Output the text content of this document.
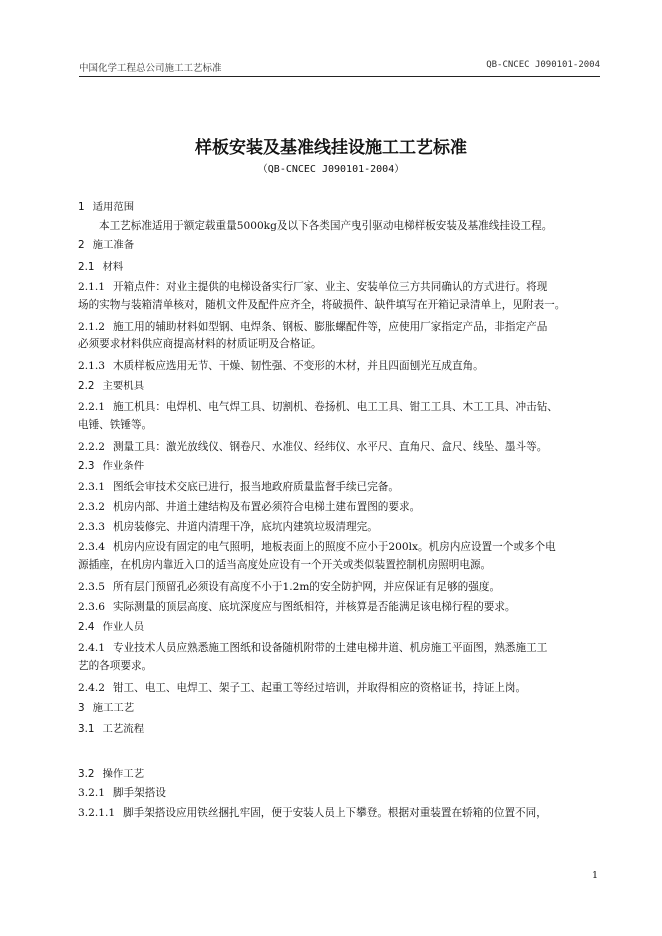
中国化学工程总公司施工工艺标准	QB-CNCEC J090101-2004
样板安装及基准线挂设施工工艺标准
（QB-CNCEC J090101-2004）
1 适用范围
本工艺标准适用于额定载重量5000kg及以下各类国产曳引驱动电梯样板安装及基准线挂设工程。
2 施工准备
2.1 材料
2.1.1 开箱点件：对业主提供的电梯设备实行厂家、业主、安装单位三方共同确认的方式进行。将现
场的实物与装箱清单核对，随机文件及配件应齐全，将破损件、缺件填写在开箱记录清单上，见附表一。
2.1.2 施工用的辅助材料如型钢、电焊条、钢板、膨胀螺配件等，应使用厂家指定产品，非指定产品
必须要求材料供应商提高材料的材质证明及合格证。
2.1.3 木质样板应选用无节、干燥、韧性强、不变形的木材，并且四面刨光互成直角。
2.2 主要机具
2.2.1 施工机具：电焊机、电气焊工具、切割机、卷扬机、电工工具、钳工工具、木工工具、冲击钻、
电锤、铁锤等。
2.2.2 测量工具：激光放线仪、钢卷尺、水准仪、经纬仪、水平尺、直角尺、盒尺、线坠、墨斗等。
2.3 作业条件
2.3.1 图纸会审技术交底已进行，报当地政府质量监督手续已完备。
2.3.2 机房内部、井道土建结构及布置必须符合电梯土建布置图的要求。
2.3.3 机房装修完、井道内清理干净，底坑内建筑垃圾清理完。
2.3.4 机房内应设有固定的电气照明，地板表面上的照度不应小于200lx。机房内应设置一个或多个电
源插座，在机房内靠近入口的适当高度处应设有一个开关或类似装置控制机房照明电源。
2.3.5 所有层门预留孔必须设有高度不小于1.2m的安全防护网，并应保证有足够的强度。
2.3.6 实际测量的顶层高度、底坑深度应与图纸相符，并核算是否能满足该电梯行程的要求。
2.4 作业人员
2.4.1 专业技术人员应熟悉施工图纸和设备随机附带的土建电梯井道、机房施工平面图，熟悉施工工
艺的各项要求。
2.4.2 钳工、电工、电焊工、架子工、起重工等经过培训，并取得相应的资格证书，持证上岗。
3 施工工艺
3.1 工艺流程
3.2 操作工艺
3.2.1 脚手架搭设
3.2.1.1 脚手架搭设应用铁丝捆扎牢固，便于安装人员上下攀登。根据对重装置在轿箱的位置不同，
1
